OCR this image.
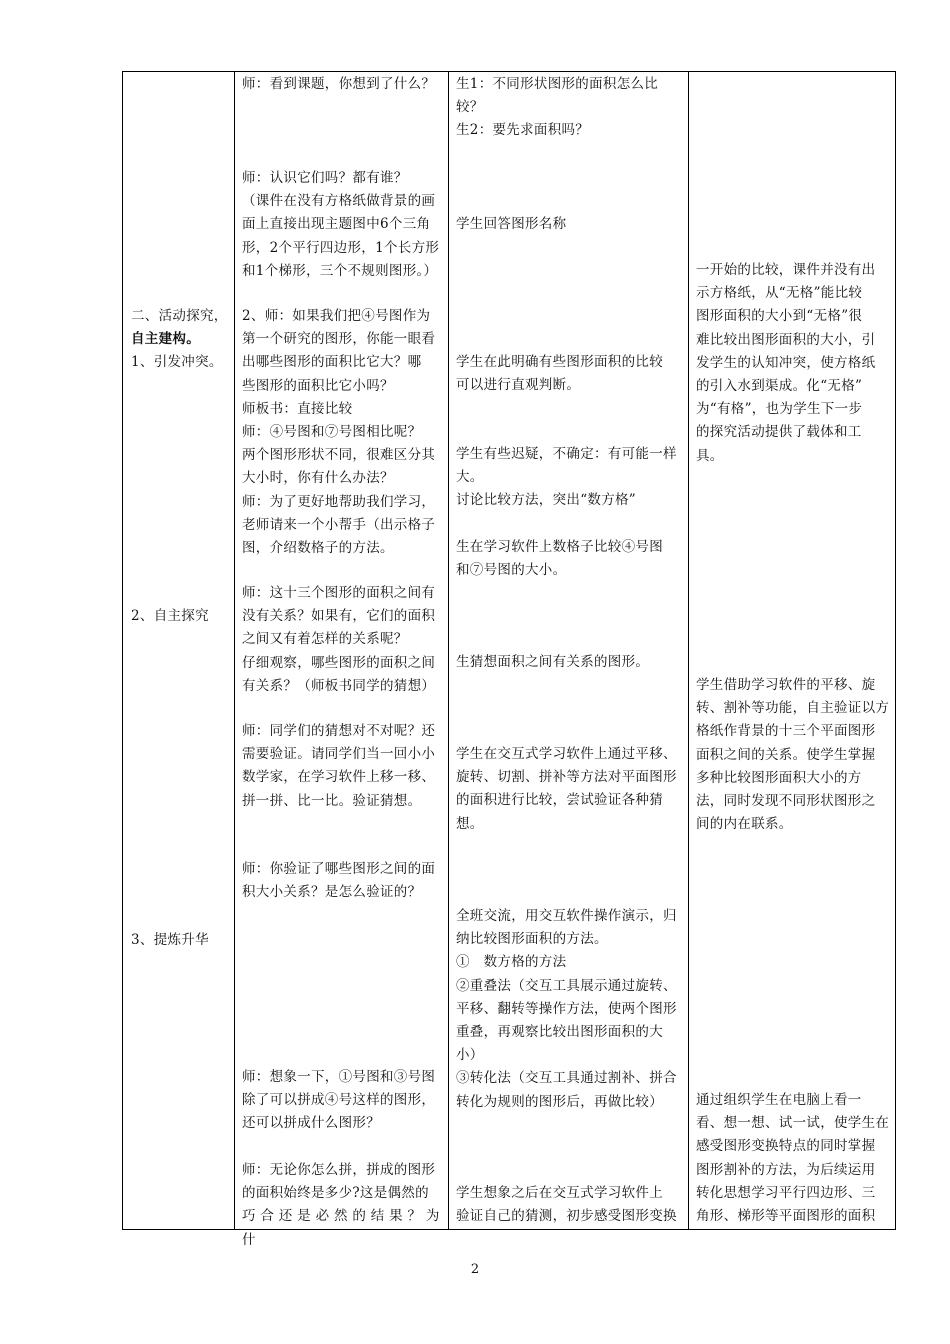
二、活动探究，

自主建构。

1、引发冲突。

2、自主探究

3、提炼升华

师：看到课题，你想到了什么？

师：认识它们吗？都有谁？

（课件在没有方格纸做背景的画

面上直接出现主题图中6个三角

形，2个平行四边形，1个长方形

和1个梯形，三个不规则图形。）

2、师：如果我们把④号图作为

第一个研究的图形，你能一眼看

出哪些图形的面积比它大？哪

些图形的面积比它小吗？

师板书：直接比较

师：④号图和⑦号图相比呢？

两个图形形状不同，很难区分其

大小时，你有什么办法？

师：为了更好地帮助我们学习，

老师请来一个小帮手（出示格子

图，介绍数格子的方法。

师：这十三个图形的面积之间有

没有关系？如果有，它们的面积

之间又有着怎样的关系呢？

仔细观察，哪些图形的面积之间

有关系？（师板书同学的猜想）

师：同学们的猜想对不对呢？还

需要验证。请同学们当一回小小

数学家，在学习软件上移一移、

拼一拼、比一比。验证猜想。

师：你验证了哪些图形之间的面

积大小关系？是怎么验证的？

师：想象一下，①号图和③号图

除了可以拼成④号这样的图形，

还可以拼成什么图形？

师：无论你怎么拼，拼成的图形

的面积始终是多少?这是偶然的

巧 合 还 是 必 然 的 结 果 ？ 为什

生1：不同形状图形的面积怎么比

较？

生2：要先求面积吗？

学生回答图形名称

学生在此明确有些图形面积的比较

可以进行直观判断。

学生有些迟疑，不确定：有可能一样

大。

讨论比较方法，突出“数方格”

生在学习软件上数格子比较④号图

和⑦号图的大小。

生猜想面积之间有关系的图形。

学生在交互式学习软件上通过平移、

旋转、切割、拼补等方法对平面图形

的面积进行比较，尝试验证各种猜

想。

全班交流，用交互软件操作演示，归

纳比较图形面积的方法。

①　数方格的方法

②重叠法（交互工具展示通过旋转、

平移、翻转等操作方法，使两个图形

重叠，再观察比较出图形面积的大

小）

③转化法（交互工具通过割补、拼合

转化为规则的图形后，再做比较）

学生想象之后在交互式学习软件上

验证自己的猜测，初步感受图形变换

一开始的比较，课件并没有出

示方格纸，从“无格”能比较

图形面积的大小到“无格”很

难比较出图形面积的大小，引

发学生的认知冲突，使方格纸

的引入水到渠成。化“无格”

为“有格”，也为学生下一步

的探究活动提供了载体和工

具。

学生借助学习软件的平移、旋

转、割补等功能，自主验证以方

格纸作背景的十三个平面图形

面积之间的关系。使学生掌握

多种比较图形面积大小的方

法，同时发现不同形状图形之

间的内在联系。

通过组织学生在电脑上看一

看、想一想、试一试，使学生在

感受图形变换特点的同时掌握

图形割补的方法，为后续运用

转化思想学习平行四边形、三

角形、梯形等平面图形的面积

2
